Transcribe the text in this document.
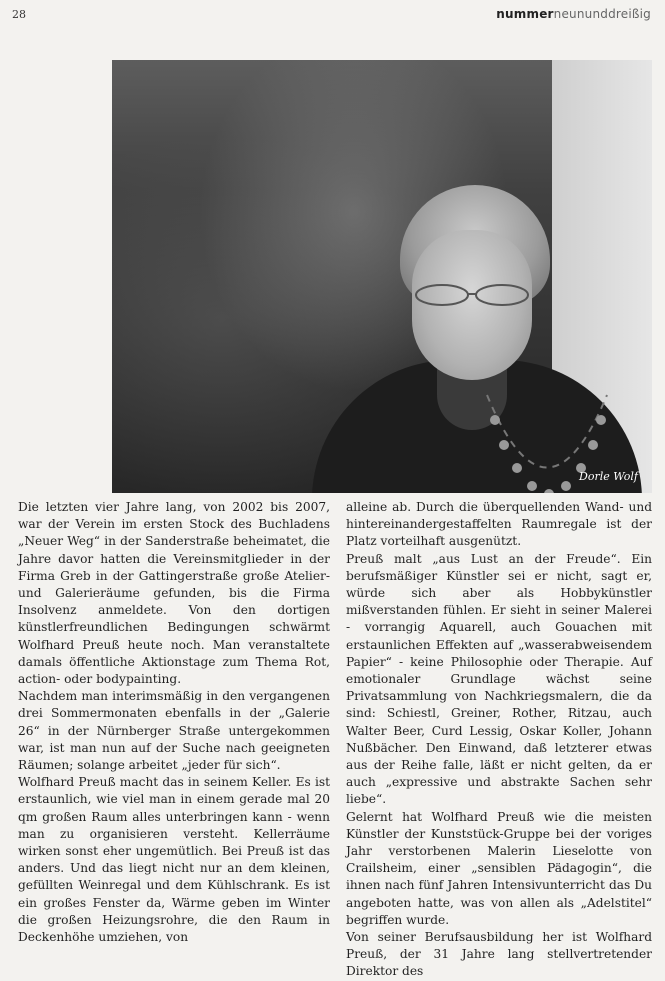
28	nummerneununddreißig
Dorle Wolf

Die letzten vier Jahre lang, von 2002 bis 2007, war der Verein im ersten Stock des Buchladens „Neuer Weg“ in der Sanderstraße beheimatet, die Jahre davor hatten die Vereinsmitglieder in der Firma Greb in der Gattingerstraße große Atelier- und Galerieräume gefunden, bis die Firma Insolvenz anmeldete. Von den dortigen künstlerfreundlichen Bedingungen schwärmt Wolfhard Preuß heute noch. Man veranstaltete damals öffentliche Aktionstage zum Thema Rot, action- oder bodypainting.

Nachdem man interimsmäßig in den vergangenen drei Sommermonaten ebenfalls in der „Galerie 26“ in der Nürnberger Straße untergekommen war, ist man nun auf der Suche nach geeigneten Räumen; solange arbeitet „jeder für sich“.

Wolfhard Preuß macht das in seinem Keller. Es ist erstaunlich, wie viel man in einem gerade mal 20 qm großen Raum alles unterbringen kann - wenn man zu organisieren versteht. Kellerräume wirken sonst eher ungemütlich. Bei Preuß ist das anders. Und das liegt nicht nur an dem kleinen, gefüllten Weinregal und dem Kühlschrank. Es ist ein großes Fenster da, Wärme geben im Winter die großen Heizungsrohre, die den Raum in Deckenhöhe umziehen, von

alleine ab. Durch die überquellenden Wand- und hintereinandergestaffelten Raumregale ist der Platz vorteilhaft ausgenützt.

Preuß malt „aus Lust an der Freude“. Ein berufsmäßiger Künstler sei er nicht, sagt er, würde sich aber als Hobbykünstler mißverstanden fühlen. Er sieht in seiner Malerei - vorrangig Aquarell, auch Gouachen mit erstaunlichen Effekten auf „wasserabweisendem Papier“ - keine Philosophie oder Therapie. Auf emotionaler Grundlage wächst seine Privatsammlung von Nachkriegsmalern, die da sind: Schiestl, Greiner, Rother, Ritzau, auch Walter Beer, Curd Lessig, Oskar Koller, Johann Nußbächer. Den Einwand, daß letzterer etwas aus der Reihe falle, läßt er nicht gelten, da er auch „expressive und abstrakte Sachen sehr liebe“.

Gelernt hat Wolfhard Preuß wie die meisten Künstler der Kunststück-Gruppe bei der voriges Jahr verstorbenen Malerin Lieselotte von Crailsheim, einer „sensiblen Pädagogin“, die ihnen nach fünf Jahren Intensivunterricht das Du angeboten hatte, was von allen als „Adelstitel“ begriffen wurde.

Von seiner Berufsausbildung her ist Wolfhard Preuß, der 31 Jahre lang stellvertretender Direktor des
